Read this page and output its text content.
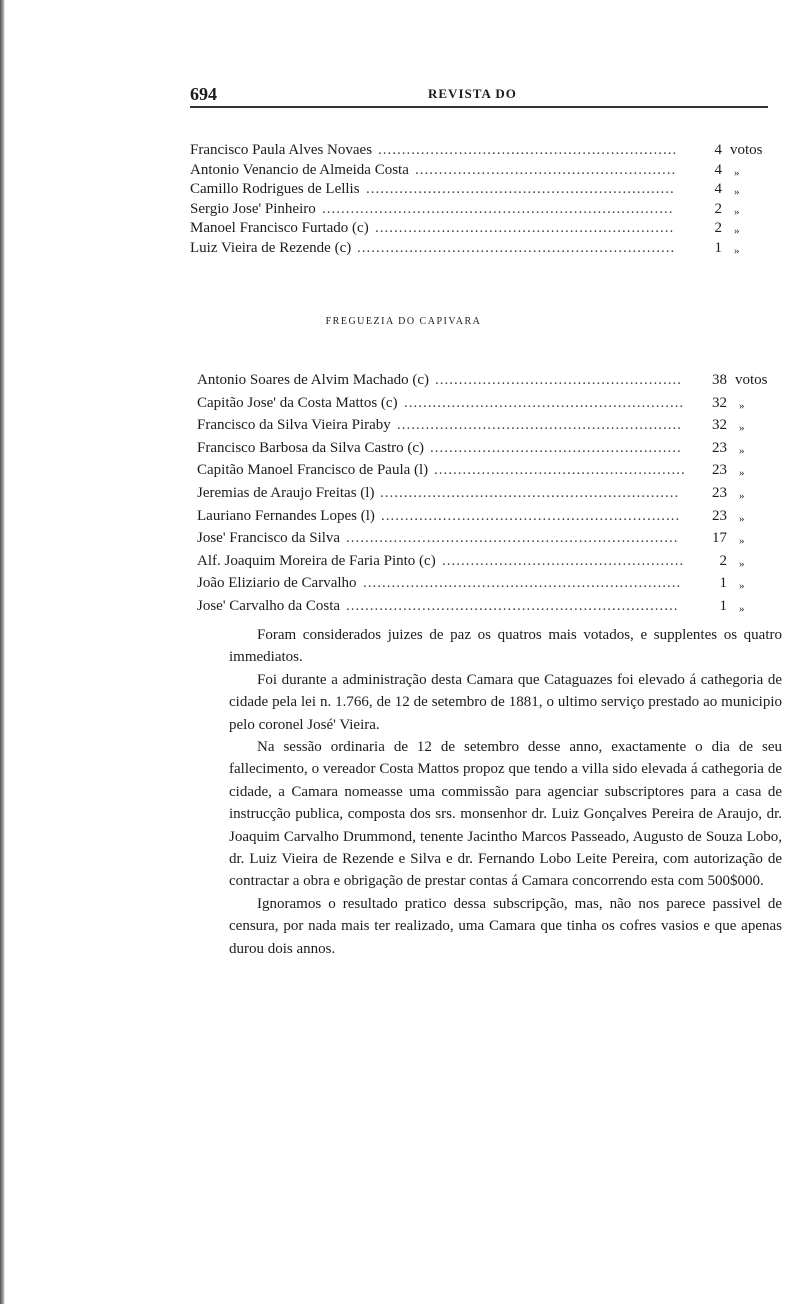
694	REVISTA DO
Francisco Paula Alves Novaes ...............................................................	4 votos
Antonio Venancio de Almeida Costa .......................................................	4 »
Camillo Rodrigues de Lellis .................................................................	4 »
Sergio Jose' Pinheiro ..........................................................................	2 »
Manoel Francisco Furtado (c) ...............................................................	2 »
Luiz Vieira de Rezende (c) ...................................................................	1 »
FREGUEZIA DO CAPIVARA
Antonio Soares de Alvim Machado (c) ....................................................	38 votos
Capitão Jose' da Costa Mattos (c) ...........................................................	32 »
Francisco da Silva Vieira Piraby ............................................................	32 »
Francisco Barbosa da Silva Castro (c) .....................................................	23 »
Capitão Manoel Francisco de Paula (l) .....................................................	23 »
Jeremias de Araujo Freitas (l) ...............................................................	23 »
Lauriano Fernandes Lopes (l) ...............................................................	23 »
Jose' Francisco da Silva ......................................................................	17 »
Alf. Joaquim Moreira de Faria Pinto (c) ...................................................	2 »
João Eliziario de Carvalho ...................................................................	1 »
Jose' Carvalho da Costa ......................................................................	1 »

Foram considerados juizes de paz os quatros mais votados, e supplentes os quatro immediatos.

Foi durante a administração desta Camara que Cataguazes foi elevado á cathegoria de cidade pela lei n. 1.766, de 12 de setembro de 1881, o ultimo serviço prestado ao municipio pelo coronel José' Vieira.

Na sessão ordinaria de 12 de setembro desse anno, exactamente o dia de seu fallecimento, o vereador Costa Mattos propoz que tendo a villa sido elevada á cathegoria de cidade, a Camara nomeasse uma commissão para agenciar subscriptores para a casa de instrucção publica, composta dos srs. monsenhor dr. Luiz Gonçalves Pereira de Araujo, dr. Joaquim Carvalho Drummond, tenente Jacintho Marcos Passeado, Augusto de Souza Lobo, dr. Luiz Vieira de Rezende e Silva e dr. Fernando Lobo Leite Pereira, com autorização de contractar a obra e obrigação de prestar contas á Camara concorrendo esta com 500$000.

Ignoramos o resultado pratico dessa subscripção, mas, não nos parece passivel de censura, por nada mais ter realizado, uma Camara que tinha os cofres vasios e que apenas durou dois annos.
